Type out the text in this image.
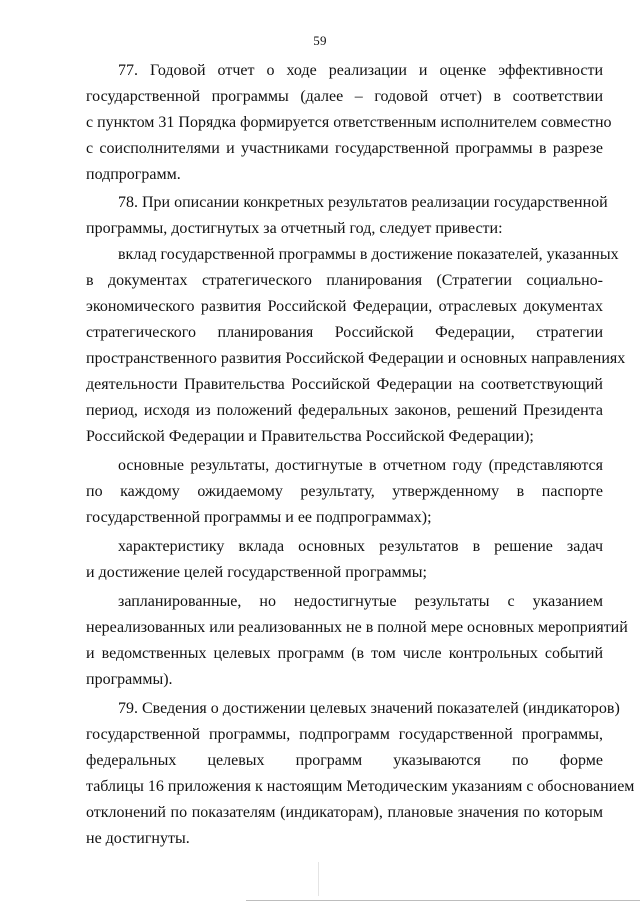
59
77. Годовой отчет о ходе реализации и оценке эффективности
государственной программы (далее – годовой отчет) в соответствии
с пунктом 31 Порядка формируется ответственным исполнителем совместно
с соисполнителями и участниками государственной программы в разрезе
подпрограмм.
78. При описании конкретных результатов реализации государственной
программы, достигнутых за отчетный год, следует привести:
вклад государственной программы в достижение показателей, указанных
в документах стратегического планирования (Стратегии социально-
экономического развития Российской Федерации, отраслевых документах
стратегического планирования Российской Федерации, стратегии
пространственного развития Российской Федерации и основных направлениях
деятельности Правительства Российской Федерации на соответствующий
период, исходя из положений федеральных законов, решений Президента
Российской Федерации и Правительства Российской Федерации);
основные результаты, достигнутые в отчетном году (представляются
по каждому ожидаемому результату, утвержденному в паспорте
государственной программы и ее подпрограммах);
характеристику вклада основных результатов в решение задач
и достижение целей государственной программы;
запланированные, но недостигнутые результаты с указанием
нереализованных или реализованных не в полной мере основных мероприятий
и ведомственных целевых программ (в том числе контрольных событий
программы).
79. Сведения о достижении целевых значений показателей (индикаторов)
государственной программы, подпрограмм государственной программы,
федеральных целевых программ указываются по форме
таблицы 16 приложения к настоящим Методическим указаниям с обоснованием
отклонений по показателям (индикаторам), плановые значения по которым
не достигнуты.
